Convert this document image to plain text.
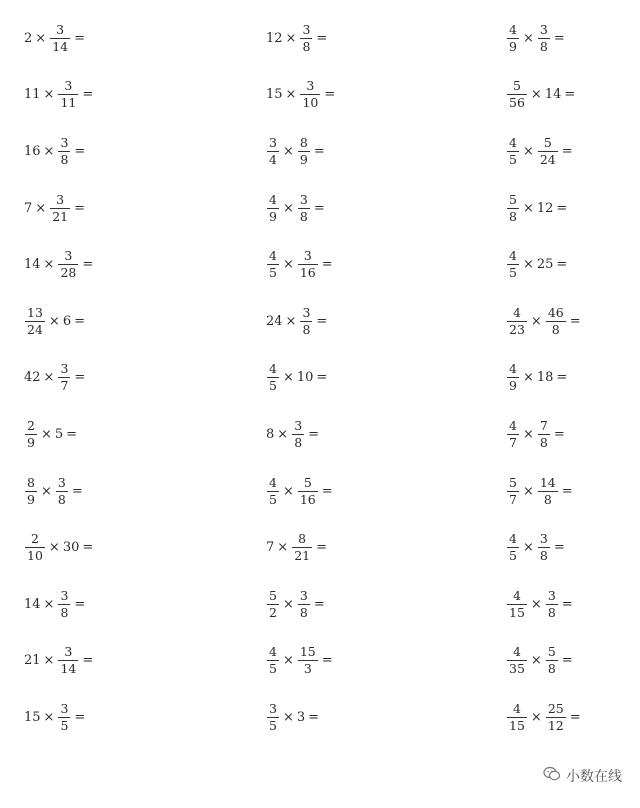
$2 \times \frac{3}{14}$ =
$11 \times \frac{3}{11}$ =
$16 \times \frac{3}{8}$ =
$7 \times \frac{3}{21}$ =
$14 \times \frac{3}{28}$ =
$\frac{13}{24} \times 6$ =
$42 \times \frac{3}{7}$ =
$\frac{2}{9} \times 5$ =
$\frac{8}{9} \times \frac{3}{8}$ =
$\frac{2}{10} \times 30$ =
$14 \times \frac{3}{8}$ =
$21 \times \frac{3}{14}$ =
$15 \times \frac{3}{5}$ =
$12 \times \frac{3}{8}$ =
$15 \times \frac{3}{10}$ =
$\frac{3}{4} \times \frac{8}{9}$ =
$\frac{4}{9} \times \frac{3}{8}$ =
$\frac{4}{5} \times \frac{3}{16}$ =
$24 \times \frac{3}{8}$ =
$\frac{4}{5} \times 10$ =
$8 \times \frac{3}{8}$ =
$\frac{4}{5} \times \frac{5}{16}$ =
$7 \times \frac{8}{21}$ =
$\frac{5}{2} \times \frac{3}{8}$ =
$\frac{4}{5} \times \frac{15}{3}$ =
$\frac{3}{5} \times 3$ =
$\frac{4}{9} \times \frac{3}{8}$ =
$\frac{5}{56} \times 14$ =
$\frac{4}{5} \times \frac{5}{24}$ =
$\frac{5}{8} \times 12$ =
$\frac{4}{5} \times 25$ =
$\frac{4}{23} \times \frac{46}{8}$ =
$\frac{4}{9} \times 18$ =
$\frac{4}{7} \times \frac{7}{8}$ =
$\frac{5}{7} \times \frac{14}{8}$ =
$\frac{4}{5} \times \frac{3}{8}$ =
$\frac{4}{15} \times \frac{3}{8}$ =
$\frac{4}{35} \times \frac{5}{8}$ =
$\frac{4}{15} \times \frac{25}{12}$ =
小数在线
